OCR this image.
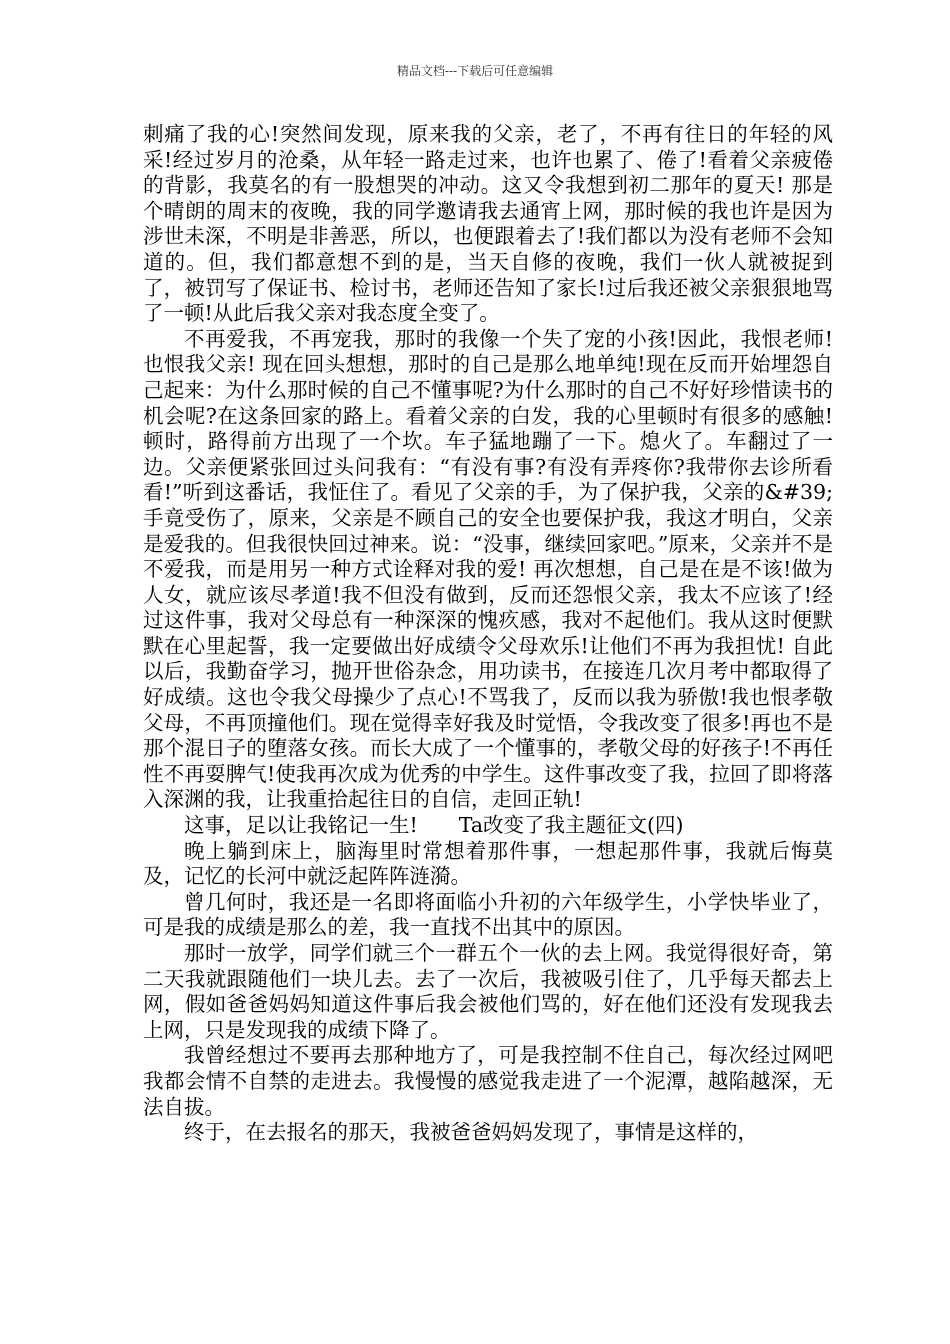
精品文档---下载后可任意编辑

刺痛了我的心!突然间发现，原来我的父亲，老了，不再有往日的年轻的风采!经过岁月的沧桑，从年轻一路走过来，也许也累了、倦了!看着父亲疲倦的背影，我莫名的有一股想哭的冲动。这又令我想到初二那年的夏天! 那是个晴朗的周末的夜晚，我的同学邀请我去通宵上网，那时候的我也许是因为涉世未深，不明是非善恶，所以，也便跟着去了!我们都以为没有老师不会知道的。但，我们都意想不到的是，当天自修的夜晚，我们一伙人就被捉到了，被罚写了保证书、检讨书，老师还告知了家长!过后我还被父亲狠狠地骂了一顿!从此后我父亲对我态度全变了。

不再爱我，不再宠我，那时的我像一个失了宠的小孩!因此，我恨老师!也恨我父亲! 现在回头想想，那时的自己是那么地单纯!现在反而开始埋怨自己起来：为什么那时候的自己不懂事呢?为什么那时的自己不好好珍惜读书的机会呢?在这条回家的路上。看着父亲的白发，我的心里顿时有很多的感触!顿时，路得前方出现了一个坎。车子猛地蹦了一下。熄火了。车翻过了一边。父亲便紧张回过头问我有：“有没有事?有没有弄疼你?我带你去诊所看看!”听到这番话，我怔住了。看见了父亲的手，为了保护我，父亲的&#39;手竟受伤了，原来，父亲是不顾自己的安全也要保护我，我这才明白，父亲是爱我的。但我很快回过神来。说：“没事，继续回家吧。”原来，父亲并不是不爱我，而是用另一种方式诠释对我的爱! 再次想想，自己是在是不该!做为人女，就应该尽孝道!我不但没有做到，反而还怨恨父亲，我太不应该了!经过这件事，我对父母总有一种深深的愧疚感，我对不起他们。我从这时便默默在心里起誓，我一定要做出好成绩令父母欢乐!让他们不再为我担忧! 自此以后，我勤奋学习，抛开世俗杂念，用功读书，在接连几次月考中都取得了好成绩。这也令我父母操少了点心!不骂我了，反而以我为骄傲!我也恨孝敬父母，不再顶撞他们。现在觉得幸好我及时觉悟，令我改变了很多!再也不是那个混日子的堕落女孩。而长大成了一个懂事的，孝敬父母的好孩子!不再任性不再耍脾气!使我再次成为优秀的中学生。这件事改变了我，拉回了即将落入深渊的我，让我重拾起往日的自信，走回正轨!

这事，足以让我铭记一生!　　Ta改变了我主题征文(四)

晚上躺到床上，脑海里时常想着那件事，一想起那件事，我就后悔莫及，记忆的长河中就泛起阵阵涟漪。

曾几何时，我还是一名即将面临小升初的六年级学生，小学快毕业了，可是我的成绩是那么的差，我一直找不出其中的原因。

那时一放学，同学们就三个一群五个一伙的去上网。我觉得很好奇，第二天我就跟随他们一块儿去。去了一次后，我被吸引住了，几乎每天都去上网，假如爸爸妈妈知道这件事后我会被他们骂的，好在他们还没有发现我去上网，只是发现我的成绩下降了。

我曾经想过不要再去那种地方了，可是我控制不住自己，每次经过网吧我都会情不自禁的走进去。我慢慢的感觉我走进了一个泥潭，越陷越深，无法自拔。

终于，在去报名的那天，我被爸爸妈妈发现了，事情是这样的，
